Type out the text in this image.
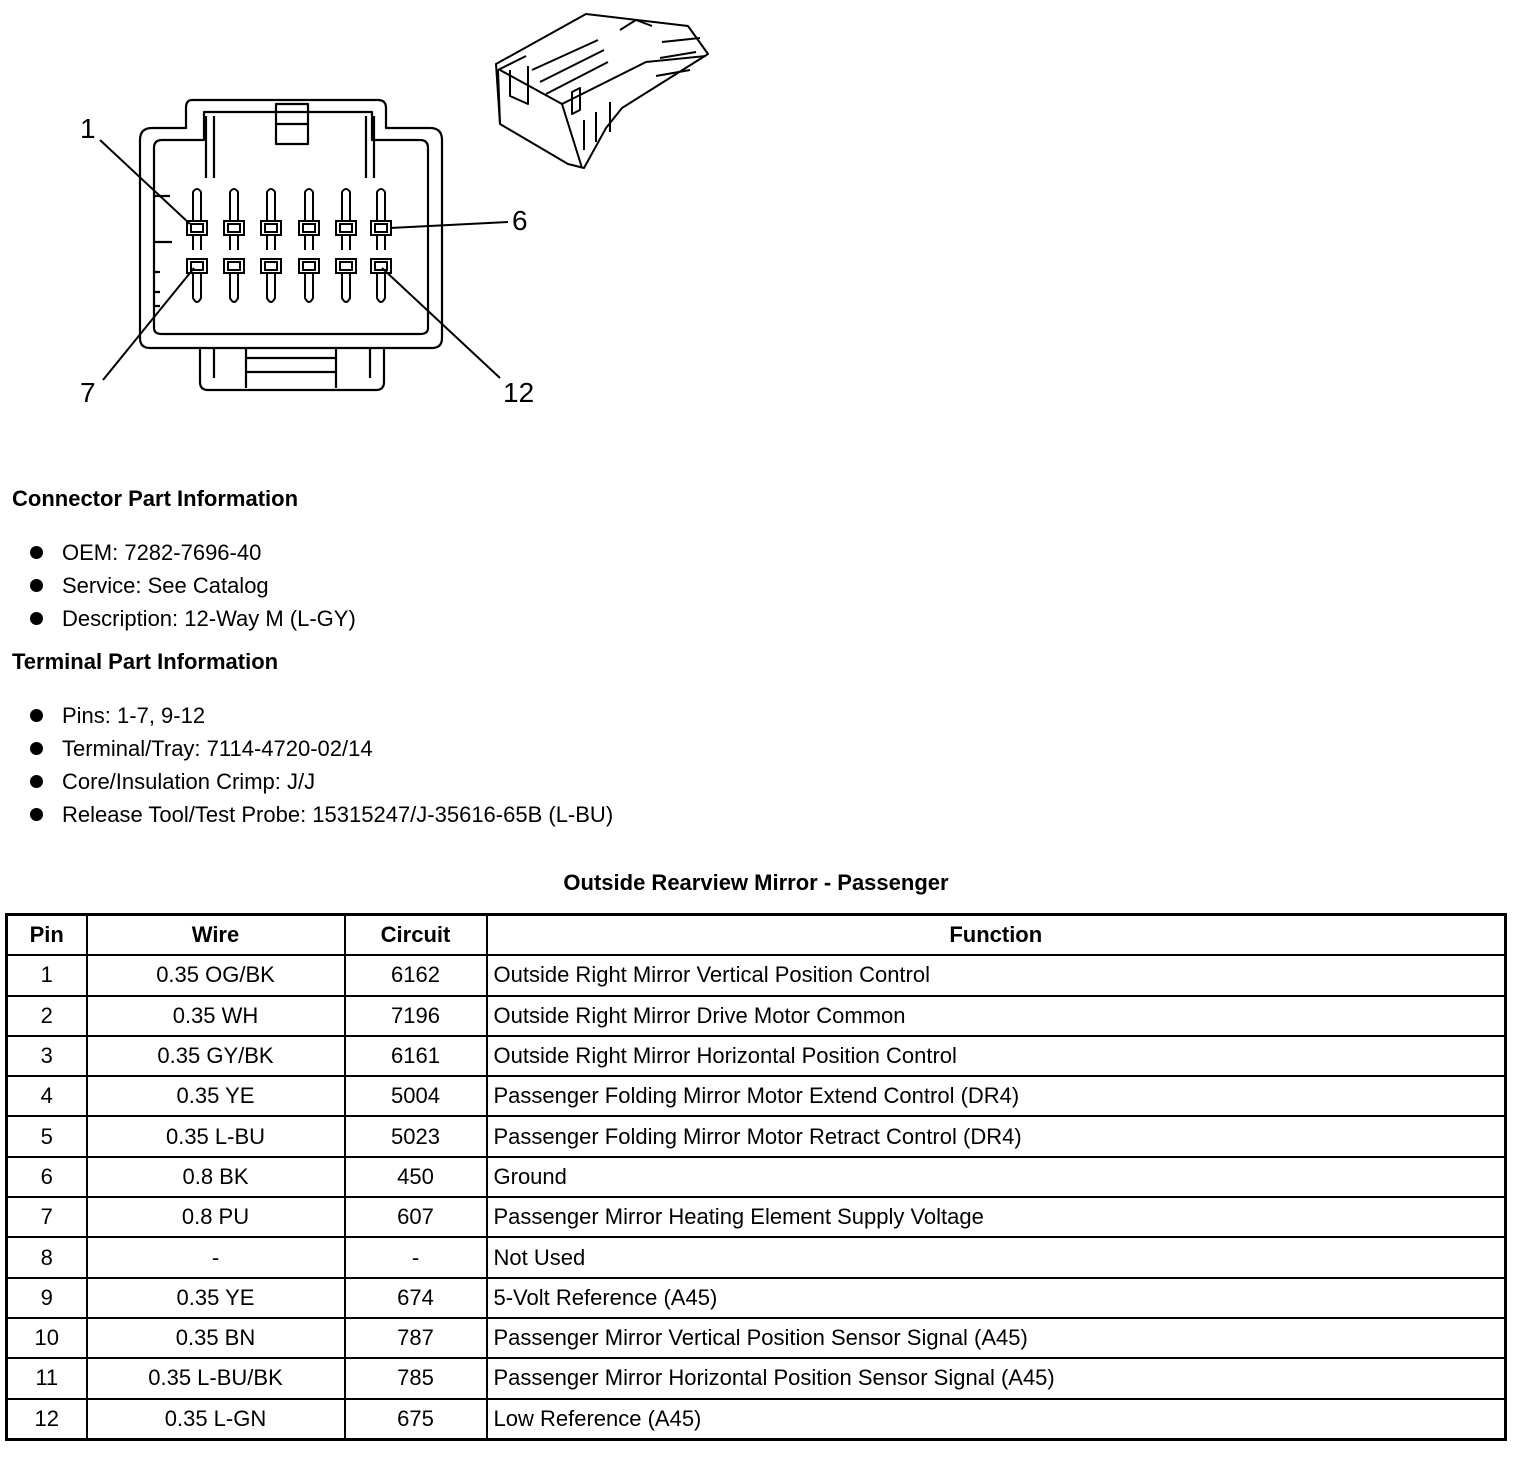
1
6
7	12
Connector Part Information
OEM: 7282-7696-40
Service: See Catalog
Description: 12-Way M (L-GY)
Terminal Part Information
Pins: 1-7, 9-12
Terminal/Tray: 7114-4720-02/14
Core/Insulation Crimp: J/J
Release Tool/Test Probe: 15315247/J-35616-65B (L-BU)
Outside Rearview Mirror - Passenger
Pin	Wire	Circuit	Function
1	0.35 OG/BK	6162	Outside Right Mirror Vertical Position Control
2	0.35 WH	7196	Outside Right Mirror Drive Motor Common
3	0.35 GY/BK	6161	Outside Right Mirror Horizontal Position Control
4	0.35 YE	5004	Passenger Folding Mirror Motor Extend Control (DR4)
5	0.35 L-BU	5023	Passenger Folding Mirror Motor Retract Control (DR4)
6	0.8 BK	450	Ground
7	0.8 PU	607	Passenger Mirror Heating Element Supply Voltage
8	-	-	Not Used
9	0.35 YE	674	5-Volt Reference (A45)
10	0.35 BN	787	Passenger Mirror Vertical Position Sensor Signal (A45)
11	0.35 L-BU/BK	785	Passenger Mirror Horizontal Position Sensor Signal (A45)
12	0.35 L-GN	675	Low Reference (A45)
